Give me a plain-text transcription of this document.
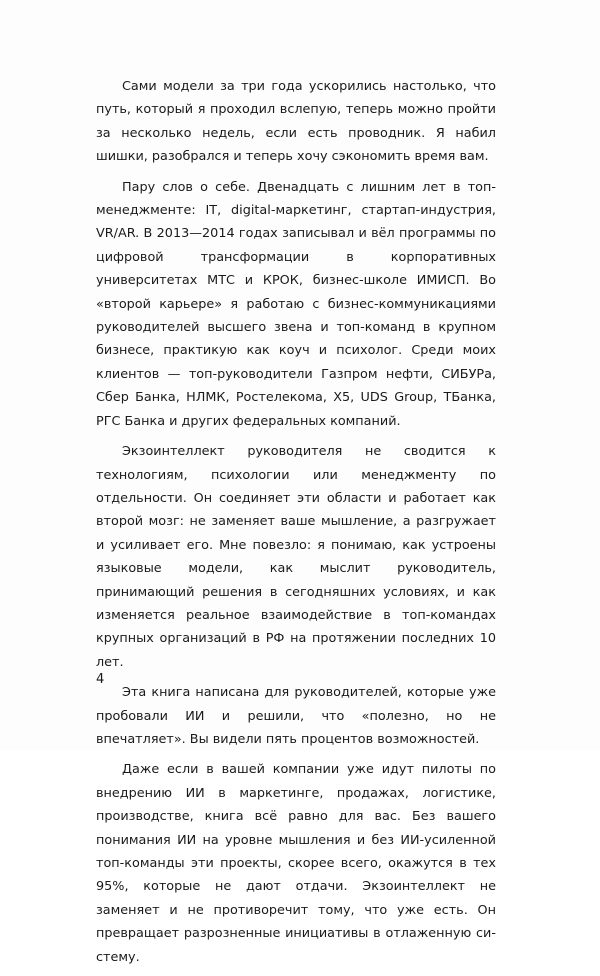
Сами модели за три года ускорились настолько, что путь, который я проходил вслепую, теперь можно пройти за несколько недель, если есть проводник. Я набил шишки, разобрался и теперь хочу сэкономить время вам.

Пару слов о себе. Двенадцать с лишним лет в топ-менеджменте: IT, digital-маркетинг, стартап-индустрия, VR/AR. В 2013—2014 годах записывал и вёл программы по цифровой трансформации в корпоративных университетах МТС и КРОК, бизнес-школе ИМИСП. Во «второй карьере» я работаю с бизнес-коммуникациями руководителей высшего звена и топ-команд в крупном бизнесе, практикую как коуч и психолог. Среди моих клиентов — топ-руководители Газпром нефти, СИБУРа, Сбер Банка, НЛМК, Ростелекома, X5, UDS Group, ТБанка, РГС Банка и других федеральных компаний.

Экзоинтеллект руководителя не сводится к технологиям, психологии или менеджменту по отдельности. Он соединяет эти области и работает как второй мозг: не заменяет ваше мышление, а разгружает и усиливает его. Мне повезло: я понимаю, как устроены языковые модели, как мыслит руководитель, принимающий решения в сегодняшних условиях, и как изменяется реальное взаимодействие в топ-командах крупных организаций в РФ на протяжении последних 10 лет.

Эта книга написана для руководителей, которые уже пробовали ИИ и решили, что «полезно, но не впечатляет». Вы видели пять процентов возможностей.

Даже если в вашей компании уже идут пилоты по внедрению ИИ в маркетинге, продажах, логистике, производстве, книга всё равно для вас. Без вашего понимания ИИ на уровне мышления и без ИИ-усиленной топ-команды эти проекты, скорее всего, окажутся в тех 95%, которые не дают отдачи. Экзоинтеллект не заменяет и не противоречит тому, что уже есть. Он превращает разрозненные инициативы в отлаженную систему.

4
